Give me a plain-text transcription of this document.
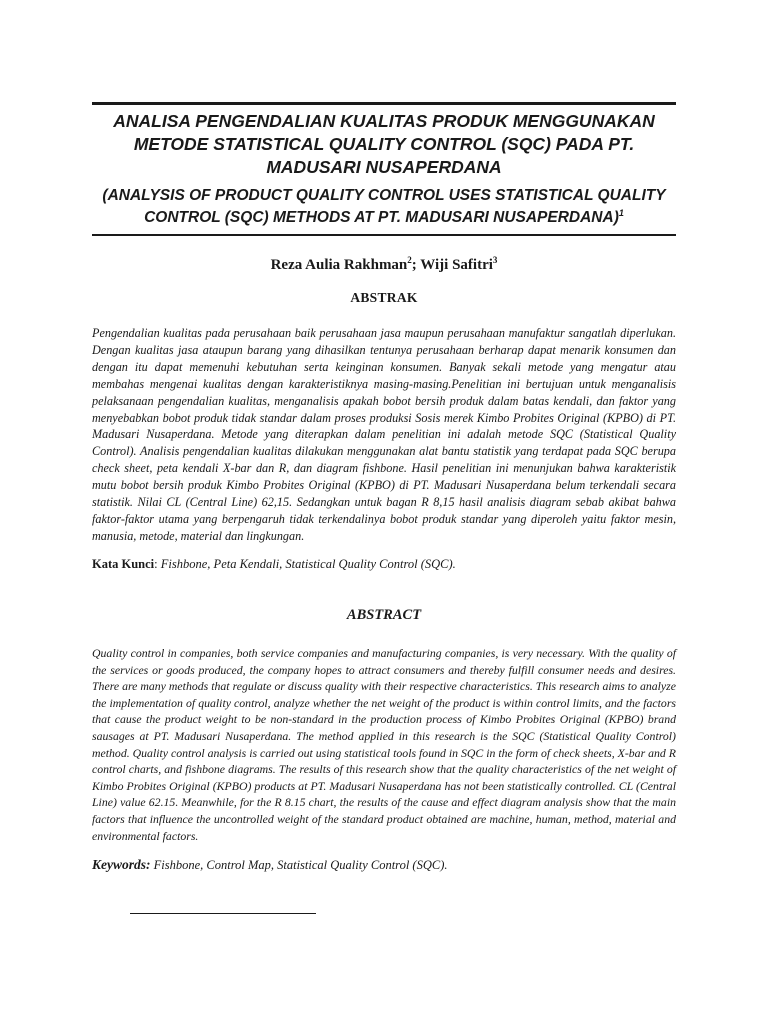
ANALISA PENGENDALIAN KUALITAS PRODUK MENGGUNAKAN
METODE STATISTICAL QUALITY CONTROL (SQC) PADA PT.
MADUSARI NUSAPERDANA
(ANALYSIS OF PRODUCT QUALITY CONTROL USES STATISTICAL QUALITY
CONTROL (SQC) METHODS AT PT. MADUSARI NUSAPERDANA)$^1$

Reza Aulia Rakhman$^2$; Wiji Safitri$^3$

ABSTRAK

Pengendalian kualitas pada perusahaan baik perusahaan jasa maupun perusahaan manufaktur sangatlah diperlukan. Dengan kualitas jasa ataupun barang yang dihasilkan tentunya perusahaan berharap dapat menarik konsumen dan dengan itu dapat memenuhi kebutuhan serta keinginan konsumen. Banyak sekali metode yang mengatur atau membahas mengenai kualitas dengan karakteristiknya masing-masing.Penelitian ini bertujuan untuk menganalisis pelaksanaan pengendalian kualitas, menganalisis apakah bobot bersih produk dalam batas kendali, dan faktor yang menyebabkan bobot produk tidak standar dalam proses produksi Sosis merek Kimbo Probites Original (KPBO) di PT. Madusari Nusaperdana. Metode yang diterapkan dalam penelitian ini adalah metode SQC (Statistical Quality Control). Analisis pengendalian kualitas dilakukan menggunakan alat bantu statistik yang terdapat pada SQC berupa check sheet, peta kendali X-bar dan R, dan diagram fishbone. Hasil penelitian ini menunjukan bahwa karakteristik mutu bobot bersih produk Kimbo Probites Original (KPBO) di PT. Madusari Nusaperdana belum terkendali secara statistik. Nilai CL (Central Line) 62,15. Sedangkan untuk bagan R 8,15 hasil analisis diagram sebab akibat bahwa faktor-faktor utama yang berpengaruh tidak terkendalinya bobot produk standar yang diperoleh yaitu faktor mesin, manusia, metode, material dan lingkungan.

Kata Kunci: Fishbone, Peta Kendali, Statistical Quality Control (SQC).

ABSTRACT

Quality control in companies, both service companies and manufacturing companies, is very necessary. With the quality of the services or goods produced, the company hopes to attract consumers and thereby fulfill consumer needs and desires. There are many methods that regulate or discuss quality with their respective characteristics. This research aims to analyze the implementation of quality control, analyze whether the net weight of the product is within control limits, and the factors that cause the product weight to be non-standard in the production process of Kimbo Probites Original (KPBO) brand sausages at PT. Madusari Nusaperdana. The method applied in this research is the SQC (Statistical Quality Control) method. Quality control analysis is carried out using statistical tools found in SQC in the form of check sheets, X-bar and R control charts, and fishbone diagrams. The results of this research show that the quality characteristics of the net weight of Kimbo Probites Original (KPBO) products at PT. Madusari Nusaperdana has not been statistically controlled. CL (Central Line) value 62.15. Meanwhile, for the R 8.15 chart, the results of the cause and effect diagram analysis show that the main factors that influence the uncontrolled weight of the standard product obtained are machine, human, method, material and environmental factors.

Keywords: Fishbone, Control Map, Statistical Quality Control (SQC).
